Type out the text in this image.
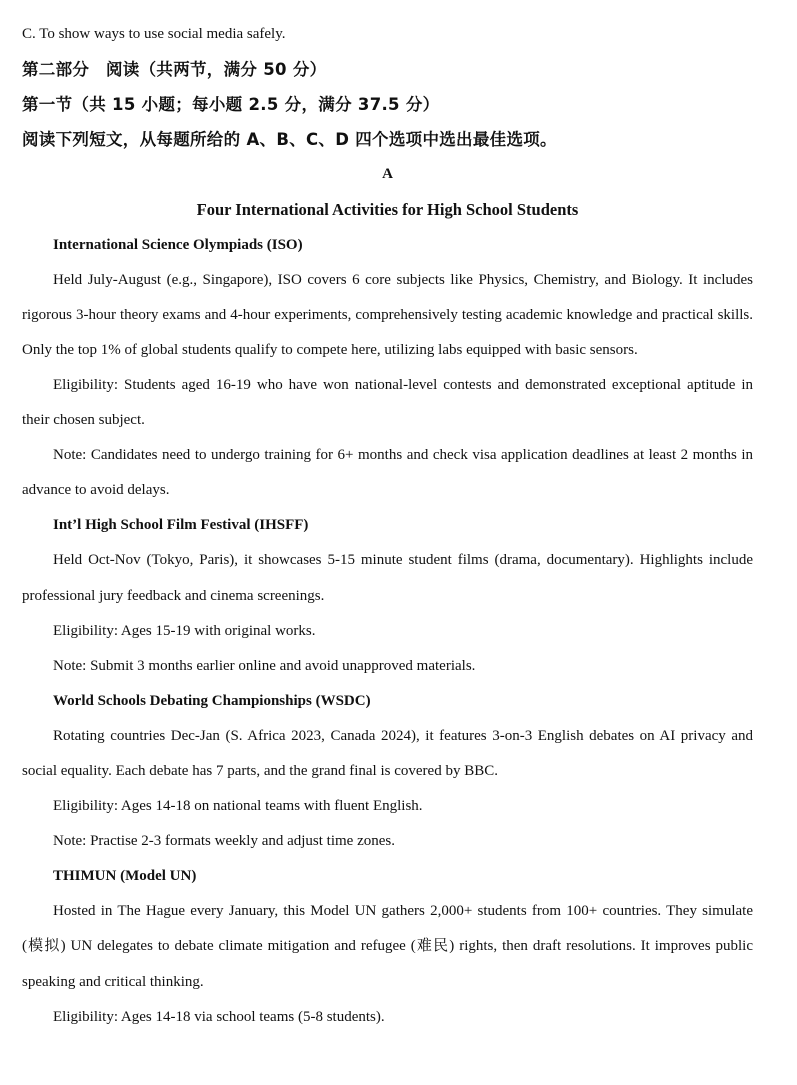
C. To show ways to use social media safely.

第二部分　阅读（共两节，满分 50 分）

第一节（共 15 小题；每小题 2.5 分，满分 37.5 分）

阅读下列短文，从每题所给的 A、B、C、D 四个选项中选出最佳选项。

A

Four International Activities for High School Students

International Science Olympiads (ISO)

Held July-August (e.g., Singapore), ISO covers 6 core subjects like Physics, Chemistry, and Biology. It includes rigorous 3-hour theory exams and 4-hour experiments, comprehensively testing academic knowledge and practical skills. Only the top 1% of global students qualify to compete here, utilizing labs equipped with basic sensors.

Eligibility: Students aged 16-19 who have won national-level contests and demonstrated exceptional aptitude in their chosen subject.

Note: Candidates need to undergo training for 6+ months and check visa application deadlines at least 2 months in advance to avoid delays.

Int’l High School Film Festival (IHSFF)

Held Oct-Nov (Tokyo, Paris), it showcases 5-15 minute student films (drama, documentary). Highlights include professional jury feedback and cinema screenings.

Eligibility: Ages 15-19 with original works.

Note: Submit 3 months earlier online and avoid unapproved materials.

World Schools Debating Championships (WSDC)

Rotating countries Dec-Jan (S. Africa 2023, Canada 2024), it features 3-on-3 English debates on AI privacy and social equality. Each debate has 7 parts, and the grand final is covered by BBC.

Eligibility: Ages 14-18 on national teams with fluent English.

Note: Practise 2-3 formats weekly and adjust time zones.

THIMUN (Model UN)

Hosted in The Hague every January, this Model UN gathers 2,000+ students from 100+ countries. They simulate (模拟) UN delegates to debate climate mitigation and refugee (难民) rights, then draft resolutions. It improves public speaking and critical thinking.

Eligibility: Ages 14-18 via school teams (5-8 students).
